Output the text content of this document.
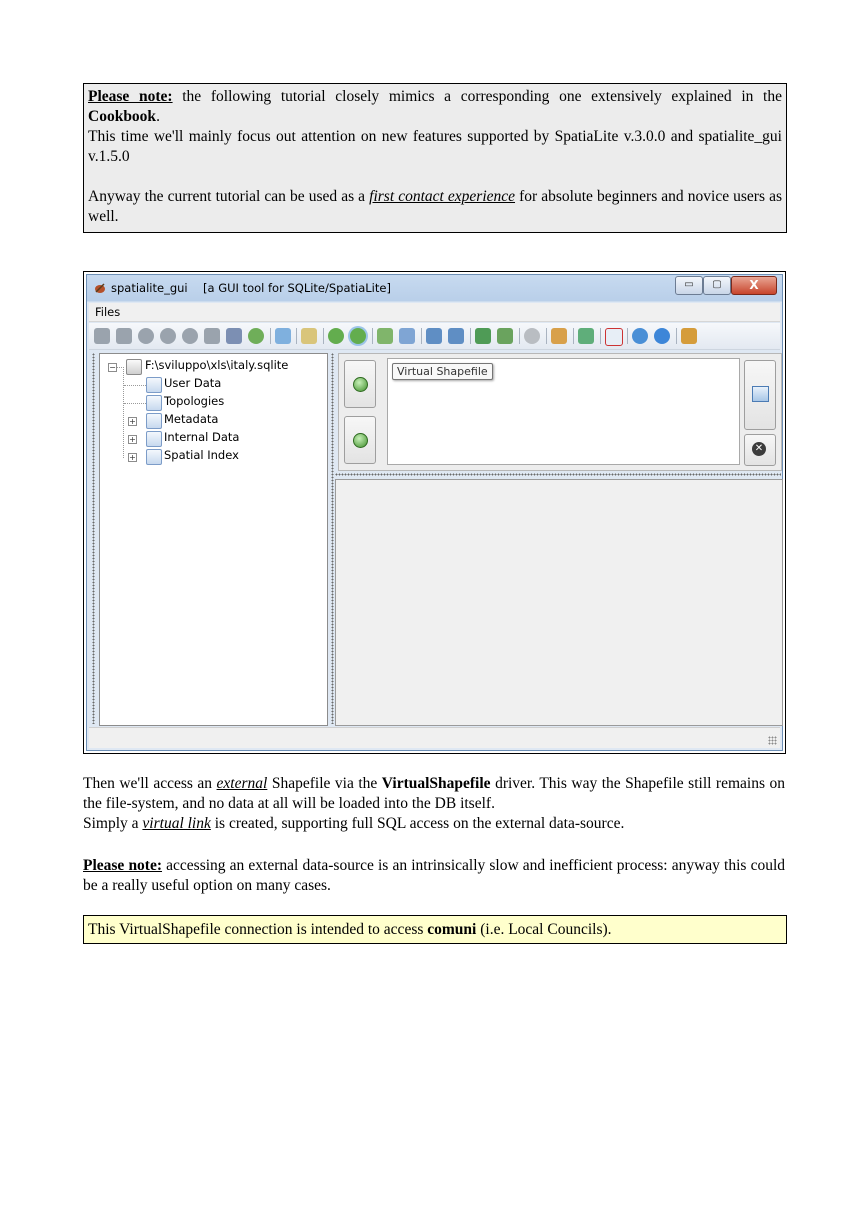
Please note: the following tutorial closely mimics a corresponding one extensively explained in the Cookbook.

This time we'll mainly focus out attention on new features supported by SpatiaLite v.3.0.0 and spatialite_gui v.1.5.0

Anyway the current tutorial can be used as a first contact experience for absolute beginners and novice users as well.

spatialite_gui [a GUI tool for SQLite/SpatiaLite]	▭	▢	X
Files
−	F:\sviluppo\xls\italy.sqlite
User Data
Topologies
+ Metadata
+ Internal Data
+ Spatial Index
Virtual Shapefile
✕

Then we'll access an external Shapefile via the VirtualShapefile driver. This way the Shapefile still remains on the file-system, and no data at all will be loaded into the DB itself.

Simply a virtual link is created, supporting full SQL access on the external data-source.

Please note: accessing an external data-source is an intrinsically slow and inefficient process: anyway this could be a really useful option on many cases.

This VirtualShapefile connection is intended to access comuni (i.e. Local Councils).
